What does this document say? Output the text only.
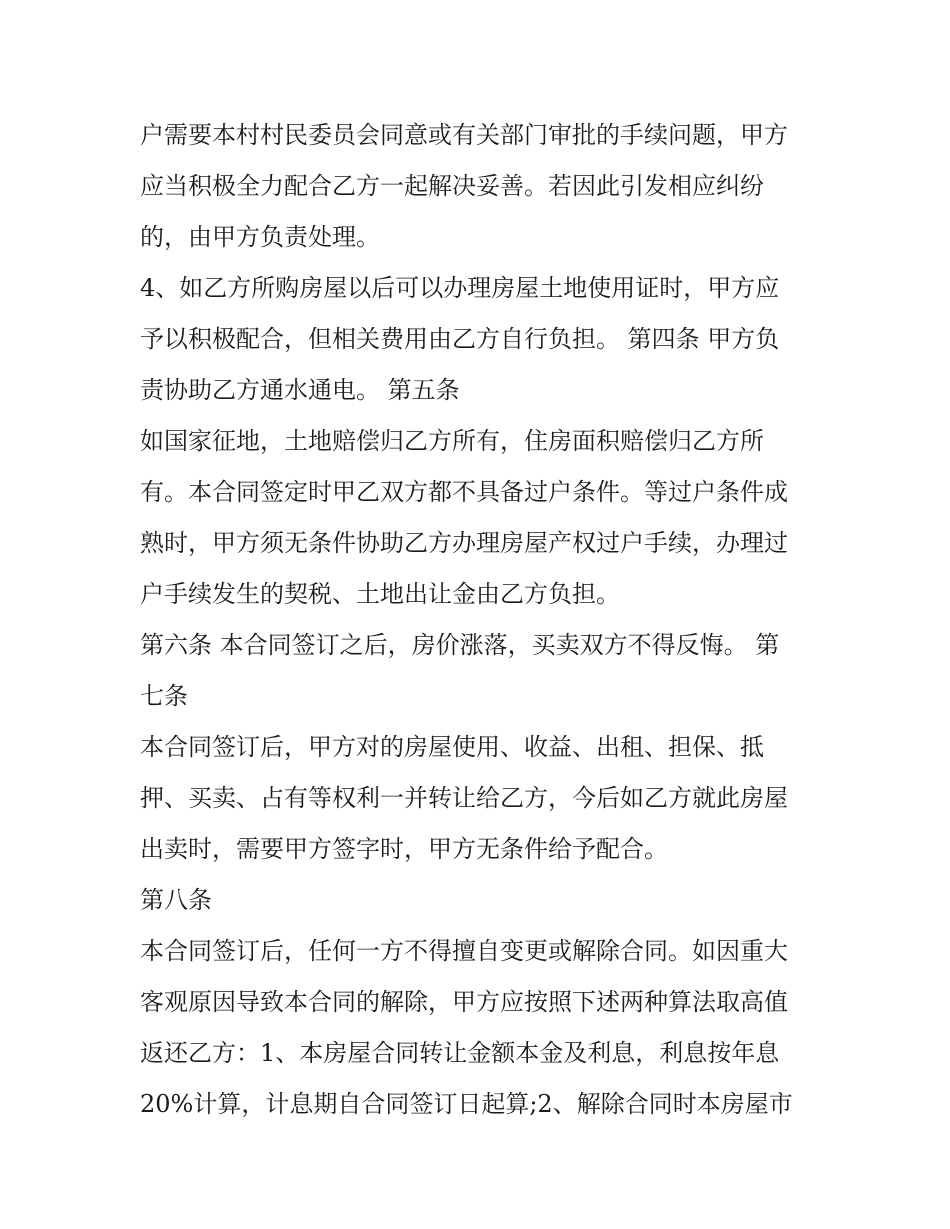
户需要本村村民委员会同意或有关部门审批的手续问题，甲方
应当积极全力配合乙方一起解决妥善。若因此引发相应纠纷
的，由甲方负责处理。
4、如乙方所购房屋以后可以办理房屋土地使用证时，甲方应
予以积极配合，但相关费用由乙方自行负担。 第四条 甲方负
责协助乙方通水通电。 第五条
如国家征地，土地赔偿归乙方所有，住房面积赔偿归乙方所
有。本合同签定时甲乙双方都不具备过户条件。等过户条件成
熟时，甲方须无条件协助乙方办理房屋产权过户手续，办理过
户手续发生的契税、土地出让金由乙方负担。
第六条 本合同签订之后，房价涨落，买卖双方不得反悔。 第
七条
本合同签订后，甲方对的房屋使用、收益、出租、担保、抵
押、买卖、占有等权利一并转让给乙方，今后如乙方就此房屋
出卖时，需要甲方签字时，甲方无条件给予配合。
第八条
本合同签订后，任何一方不得擅自变更或解除合同。如因重大
客观原因导致本合同的解除，甲方应按照下述两种算法取高值
返还乙方：1、本房屋合同转让金额本金及利息，利息按年息
20%计算，计息期自合同签订日起算;2、解除合同时本房屋市
